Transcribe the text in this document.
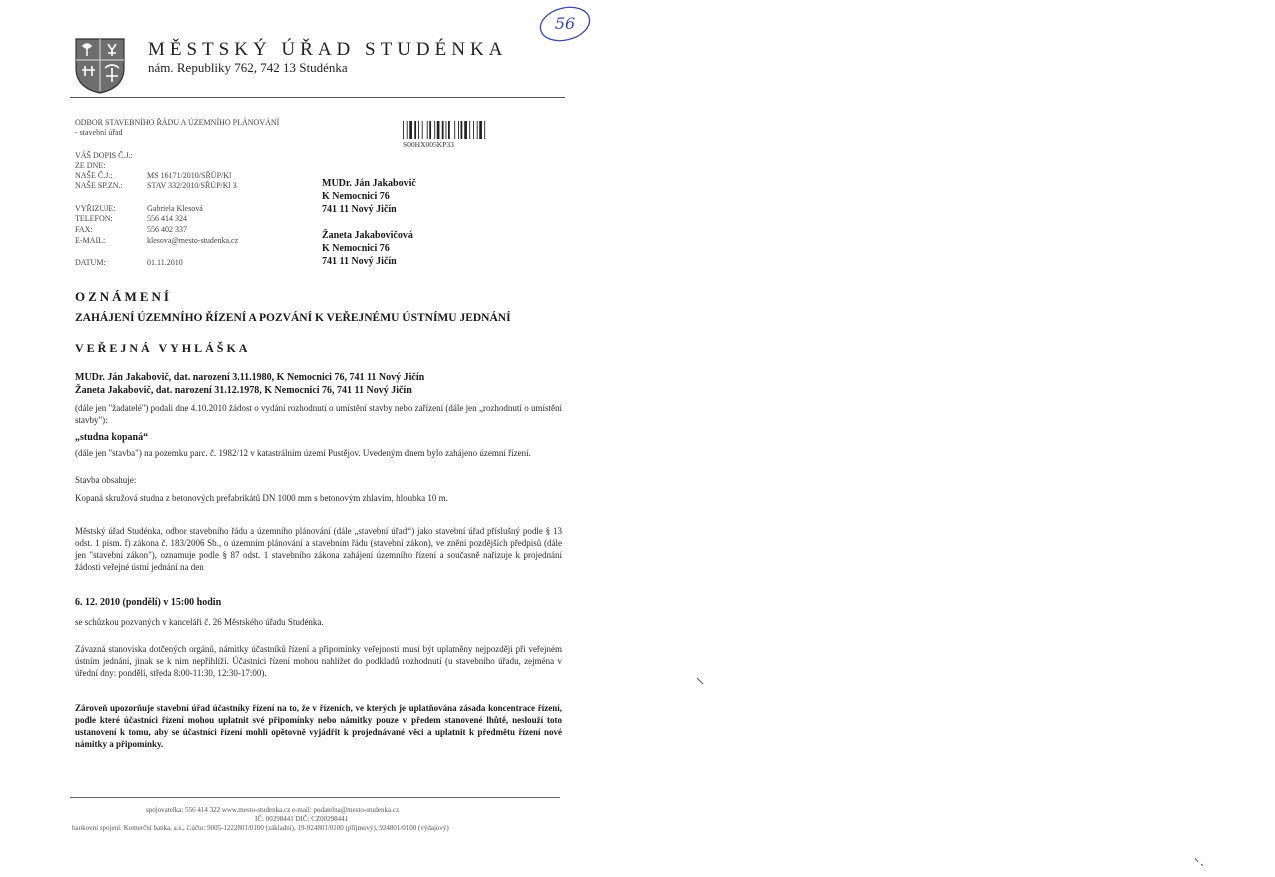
MĚSTSKÝ ÚŘAD STUDÉNKA
nám. Republiky 762, 742 13 Studénka
56
ODBOR STAVEBNÍHO ŘÁDU A ÚZEMNÍHO PLÁNOVÁNÍ
- stavební úřad
S00HX005KP33
VÁŠ DOPIS Č.J.:
ZE DNE:
NAŠE Č.J.:	MS 16171/2010/SŘÚP/Kl
NAŠE SP.ZN.:	STAV 332/2010/SŘÚP/Kl 3
VYŘIZUJE:	Gabriela Klesová
TELEFON:	556 414 324
FAX:	556 402 337
E-MAIL:	klesova@mesto-studenka.cz
DATUM:	01.11.2010
MUDr. Ján Jakabovič
K Nemocnici 76
741 11 Nový Jičín
Žaneta Jakabovičová
K Nemocnici 76
741 11 Nový Jičín
OZNÁMENÍ
ZAHÁJENÍ ÚZEMNÍHO ŘÍZENÍ A POZVÁNÍ K VEŘEJNÉMU ÚSTNÍMU JEDNÁNÍ
VEŘEJNÁ VYHLÁŠKA
MUDr. Ján Jakabovič, dat. narození 3.11.1980, K Nemocnici 76, 741 11 Nový Jičín
Žaneta Jakabovič, dat. narození 31.12.1978, K Nemocnici 76, 741 11 Nový Jičín
(dále jen "žadatelé") podali dne 4.10.2010 žádost o vydání rozhodnutí o umístění stavby nebo zařízení (dále jen „rozhodnutí o umístění stavby"):
„studna kopaná“
(dále jen "stavba") na pozemku parc. č. 1982/12 v katastrálním území Pustějov. Uvedeným dnem bylo zahájeno územní řízení.
Stavba obsahuje:
Kopaná skružová studna z betonových prefabrikátů DN 1000 mm s betonovým zhlavím, hloubka 10 m.
Městský úřad Studénka, odbor stavebního řádu a územního plánování (dále „stavební úřad“) jako stavební úřad příslušný podle § 13 odst. 1 písm. f) zákona č. 183/2006 Sb., o územním plánování a stavebním řádu (stavební zákon), ve znění pozdějších předpisů (dále jen "stavební zákon"), oznamuje podle § 87 odst. 1 stavebního zákona zahájení územního řízení a současně nařizuje k projednání žádosti veřejné ústní jednání na den
6. 12. 2010 (pondělí) v 15:00 hodin
se schůzkou pozvaných v kanceláři č. 26 Městského úřadu Studénka.
Závazná stanoviska dotčených orgánů, námitky účastníků řízení a připomínky veřejnosti musí být uplatněny nejpozději při veřejném ústním jednání, jinak se k nim nepřihlíží. Účastníci řízení mohou nahlížet do podkladů rozhodnutí (u stavebního úřadu, zejména v úřední dny: pondělí, středa 8:00-11:30, 12:30-17:00).
Zároveň upozorňuje stavební úřad účastníky řízení na to, že v řízeních, ve kterých je uplatňována zásada koncentrace řízení, podle které účastníci řízení mohou uplatnit své připomínky nebo námitky pouze v předem stanovené lhůtě, neslouží toto ustanovení k tomu, aby se účastníci řízení mohli opětovně vyjádřit k projednávané věci a uplatnit k předmětu řízení nové námitky a připomínky.
spojovatelka: 556 414 322 www.mesto-studenka.cz e-mail: podatelna@mesto-studenka.cz
IČ: 00298441 DIČ: CZ00298441
bankovní spojení: Komerční banka, a.s., č.účtu: 9005-1222801/0100 (základní), 19-924801/0100 (příjmový), 924801/0100 (výdajový)
